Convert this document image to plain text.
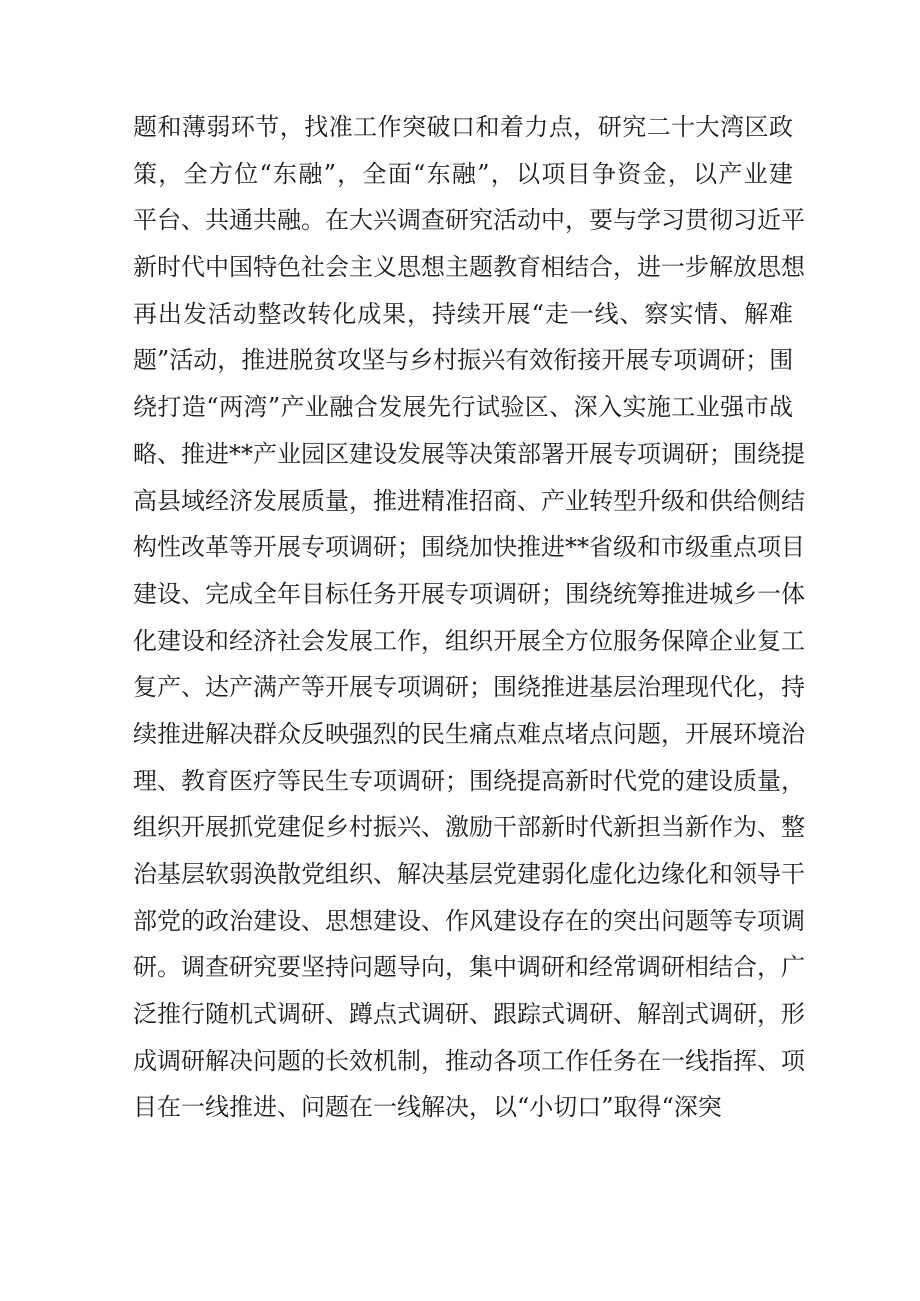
题和薄弱环节，找准工作突破口和着力点，研究二十大湾区政
策，全方位“东融”，全面“东融”，以项目争资金，以产业建
平台、共通共融。在大兴调查研究活动中，要与学习贯彻习近平
新时代中国特色社会主义思想主题教育相结合，进一步解放思想
再出发活动整改转化成果，持续开展“走一线、察实情、解难
题”活动，推进脱贫攻坚与乡村振兴有效衔接开展专项调研；围
绕打造“两湾”产业融合发展先行试验区、深入实施工业强市战
略、推进**产业园区建设发展等决策部署开展专项调研；围绕提
高县域经济发展质量，推进精准招商、产业转型升级和供给侧结
构性改革等开展专项调研；围绕加快推进**省级和市级重点项目
建设、完成全年目标任务开展专项调研；围绕统筹推进城乡一体
化建设和经济社会发展工作，组织开展全方位服务保障企业复工
复产、达产满产等开展专项调研；围绕推进基层治理现代化，持
续推进解决群众反映强烈的民生痛点难点堵点问题，开展环境治
理、教育医疗等民生专项调研；围绕提高新时代党的建设质量，
组织开展抓党建促乡村振兴、激励干部新时代新担当新作为、整
治基层软弱涣散党组织、解决基层党建弱化虚化边缘化和领导干
部党的政治建设、思想建设、作风建设存在的突出问题等专项调
研。调查研究要坚持问题导向，集中调研和经常调研相结合，广
泛推行随机式调研、蹲点式调研、跟踪式调研、解剖式调研，形
成调研解决问题的长效机制，推动各项工作任务在一线指挥、项
目在一线推进、问题在一线解决，以“小切口”取得“深突
